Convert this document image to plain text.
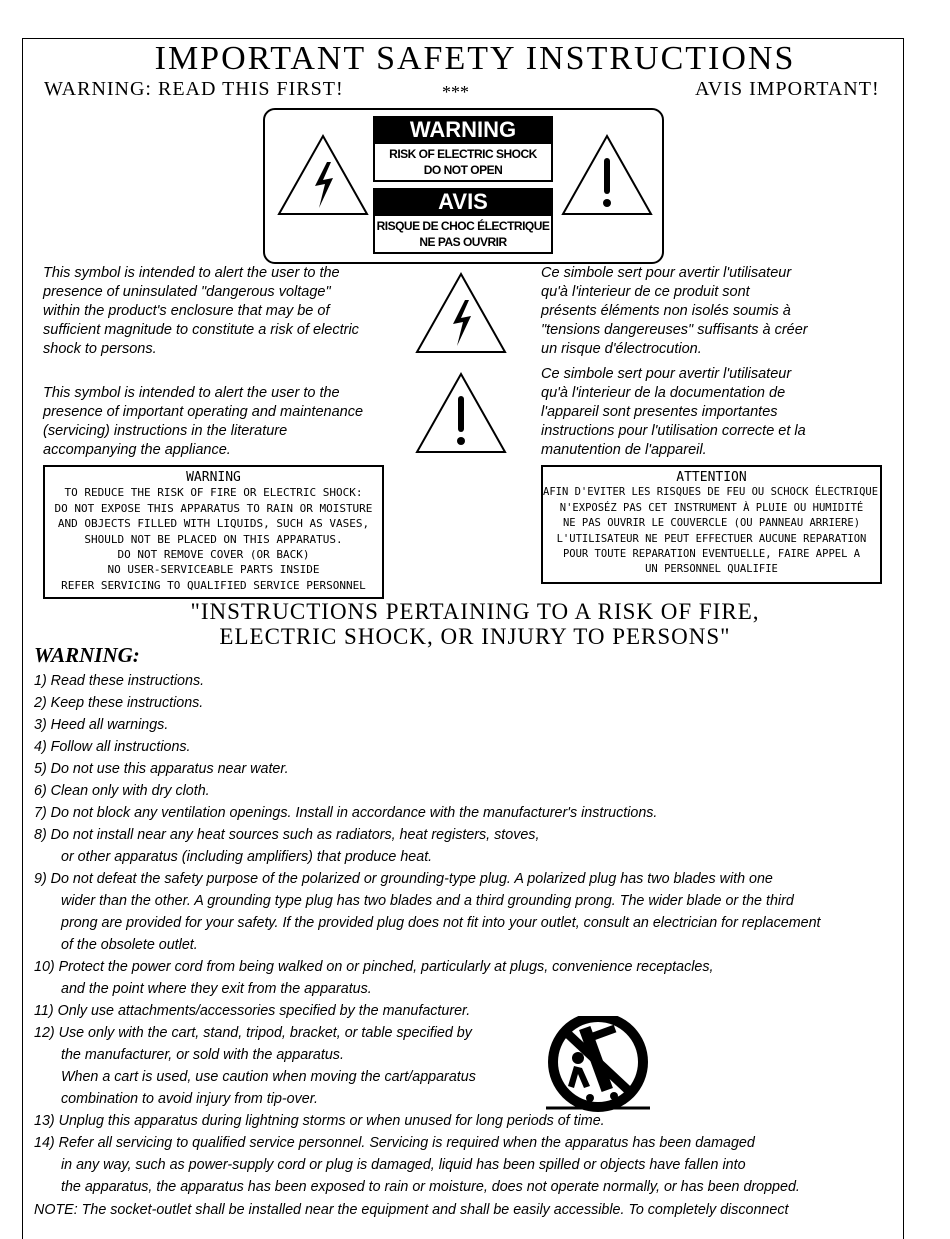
IMPORTANT SAFETY INSTRUCTIONS
WARNING: READ THIS FIRST!	***	AVIS IMPORTANT!
WARNING
RISK OF ELECTRIC SHOCK
DO NOT OPEN
AVIS
RISQUE DE CHOC ÉLECTRIQUE
NE PAS OUVRIR
This symbol is intended to alert the user to the
presence of uninsulated "dangerous voltage"
within the product's enclosure that may be of
sufficient magnitude to constitute a risk of electric
shock to persons.
Ce simbole sert pour avertir l'utilisateur
qu'à l'interieur de ce produit sont
présents éléments non isolés soumis à
"tensions dangereuses" suffisants à créer
un risque d'électrocution.
This symbol is intended to alert the user to the
presence of important operating and maintenance
(servicing) instructions in the literature
accompanying the appliance.
Ce simbole sert pour avertir l'utilisateur
qu'à l'interieur de la documentation de
l'appareil sont presentes importantes
instructions pour l'utilisation correcte et la
manutention de l'appareil.
WARNING
TO REDUCE THE RISK OF FIRE OR ELECTRIC SHOCK:
DO NOT EXPOSE THIS APPARATUS TO RAIN OR MOISTURE
AND OBJECTS FILLED WITH LIQUIDS, SUCH AS VASES,
SHOULD NOT BE PLACED ON THIS APPARATUS.
DO NOT REMOVE COVER (OR BACK)
NO USER-SERVICEABLE PARTS INSIDE
REFER SERVICING TO QUALIFIED SERVICE PERSONNEL
ATTENTION
AFIN D'EVITER LES RISQUES DE FEU OU SCHOCK ÉLECTRIQUE:
N'EXPOSÉZ PAS CET INSTRUMENT À PLUIE OU HUMIDITÉ
NE PAS OUVRIR LE COUVERCLE (OU PANNEAU ARRIERE)
L'UTILISATEUR NE PEUT EFFECTUER AUCUNE REPARATION
POUR TOUTE REPARATION EVENTUELLE, FAIRE APPEL A
UN PERSONNEL QUALIFIE
"INSTRUCTIONS PERTAINING TO A RISK OF FIRE,
ELECTRIC SHOCK, OR INJURY TO PERSONS"
WARNING:
1) Read these instructions.
2) Keep these instructions.
3) Heed all warnings.
4) Follow all instructions.
5) Do not use this apparatus near water.
6) Clean only with dry cloth.
7) Do not block any ventilation openings. Install in accordance with the manufacturer's instructions.
8) Do not install near any heat sources such as radiators, heat registers, stoves,
or other apparatus (including amplifiers) that produce heat.
9) Do not defeat the safety purpose of the polarized or grounding-type plug. A polarized plug has two blades with one
wider than the other. A grounding type plug has two blades and a third grounding prong. The wider blade or the third
prong are provided for your safety. If the provided plug does not fit into your outlet, consult an electrician for replacement
of the obsolete outlet.
10) Protect the power cord from being walked on or pinched, particularly at plugs, convenience receptacles,
and the point where they exit from the apparatus.
11) Only use attachments/accessories specified by the manufacturer.
12) Use only with the cart, stand, tripod, bracket, or table specified by
the manufacturer, or sold with the apparatus.
When a cart is used, use caution when moving the cart/apparatus
combination to avoid injury from tip-over.
13) Unplug this apparatus during lightning storms or when unused for long periods of time.
14) Refer all servicing to qualified service personnel. Servicing is required when the apparatus has been damaged
in any way, such as power-supply cord or plug is damaged, liquid has been spilled or objects have fallen into
the apparatus, the apparatus has been exposed to rain or moisture, does not operate normally, or has been dropped.
NOTE: The socket-outlet shall be installed near the equipment and shall be easily accessible. To completely disconnect
